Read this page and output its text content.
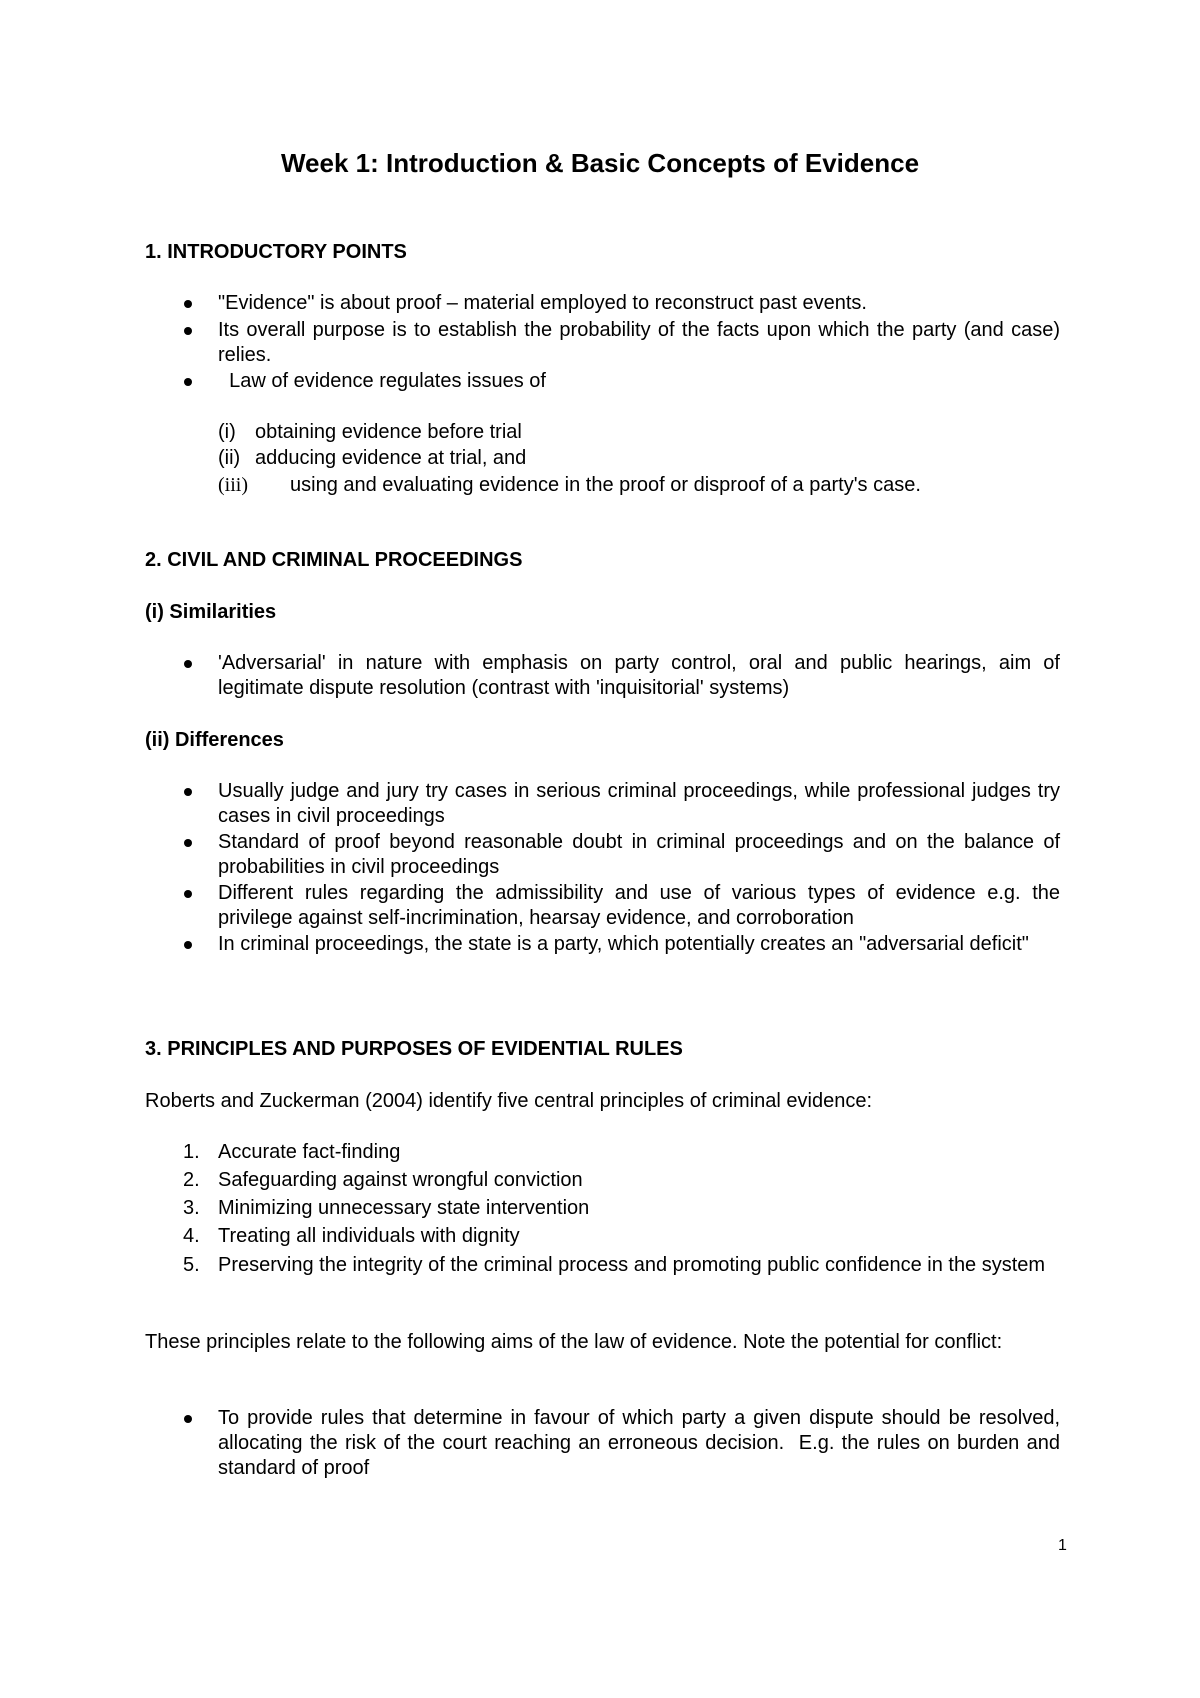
Week 1: Introduction & Basic Concepts of Evidence
1. INTRODUCTORY POINTS
"Evidence" is about proof – material employed to reconstruct past events.
Its overall purpose is to establish the probability of the facts upon which the party (and case) relies.
Law of evidence regulates issues of
(i) obtaining evidence before trial
(ii) adducing evidence at trial, and
(iii) using and evaluating evidence in the proof or disproof of a party's case.
2. CIVIL AND CRIMINAL PROCEEDINGS
(i) Similarities
'Adversarial' in nature with emphasis on party control, oral and public hearings, aim of legitimate dispute resolution (contrast with 'inquisitorial' systems)
(ii) Differences
Usually judge and jury try cases in serious criminal proceedings, while professional judges try cases in civil proceedings
Standard of proof beyond reasonable doubt in criminal proceedings and on the balance of probabilities in civil proceedings
Different rules regarding the admissibility and use of various types of evidence e.g. the privilege against self-incrimination, hearsay evidence, and corroboration
In criminal proceedings, the state is a party, which potentially creates an "adversarial deficit"
3. PRINCIPLES AND PURPOSES OF EVIDENTIAL RULES
Roberts and Zuckerman (2004) identify five central principles of criminal evidence:
1. Accurate fact-finding
2. Safeguarding against wrongful conviction
3. Minimizing unnecessary state intervention
4. Treating all individuals with dignity
5. Preserving the integrity of the criminal process and promoting public confidence in the system
These principles relate to the following aims of the law of evidence. Note the potential for conflict:
To provide rules that determine in favour of which party a given dispute should be resolved, allocating the risk of the court reaching an erroneous decision.  E.g. the rules on burden and standard of proof
1
